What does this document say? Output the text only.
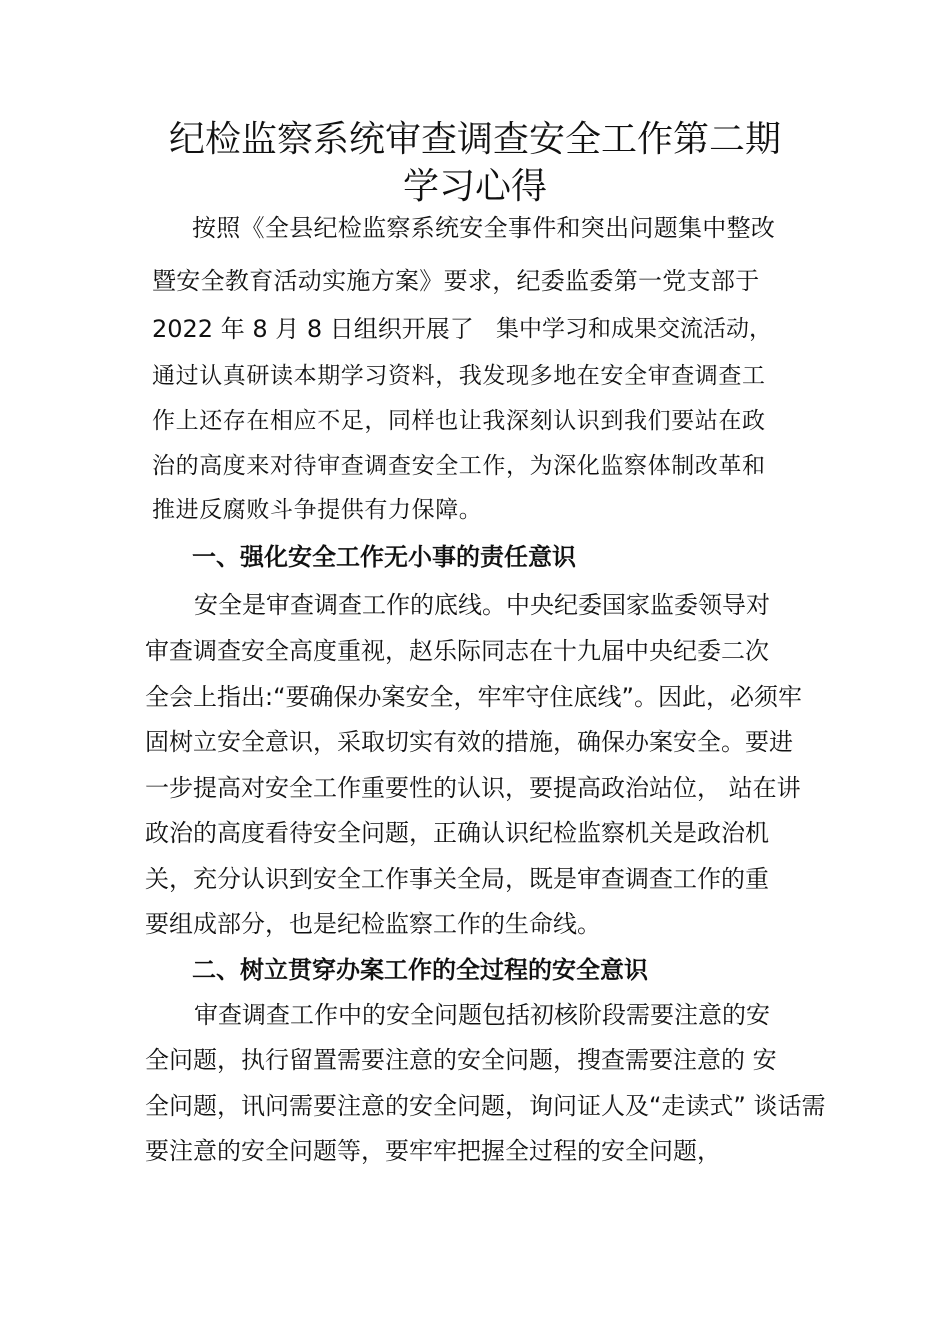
纪检监察系统审查调查安全工作第二期
学习心得
按照《全县纪检监察系统安全事件和突出问题集中整改
暨安全教育活动实施方案》要求，纪委监委第一党支部于
2022 年 8 月 8 日组织开展了 集中学习和成果交流活动，
通过认真研读本期学习资料，我发现多地在安全审查调查工
作上还存在相应不足，同样也让我深刻认识到我们要站在政
治的高度来对待审查调查安全工作，为深化监察体制改革和
推进反腐败斗争提供有力保障。
一、强化安全工作无小事的责任意识
安全是审查调查工作的底线。中央纪委国家监委领导对
审查调查安全高度重视，赵乐际同志在十九届中央纪委二次
全会上指出:“要确保办案安全，牢牢守住底线”。因此，必须牢
固树立安全意识，采取切实有效的措施，确保办案安全。要进
一步提高对安全工作重要性的认识，要提高政治站位， 站在讲
政治的高度看待安全问题，正确认识纪检监察机关是政治机
关，充分认识到安全工作事关全局，既是审查调查工作的重
要组成部分，也是纪检监察工作的生命线。
二、树立贯穿办案工作的全过程的安全意识
审查调查工作中的安全问题包括初核阶段需要注意的安
全问题，执行留置需要注意的安全问题，搜查需要注意的 安
全问题，讯问需要注意的安全问题，询问证人及“走读式” 谈话需
要注意的安全问题等，要牢牢把握全过程的安全问题，
